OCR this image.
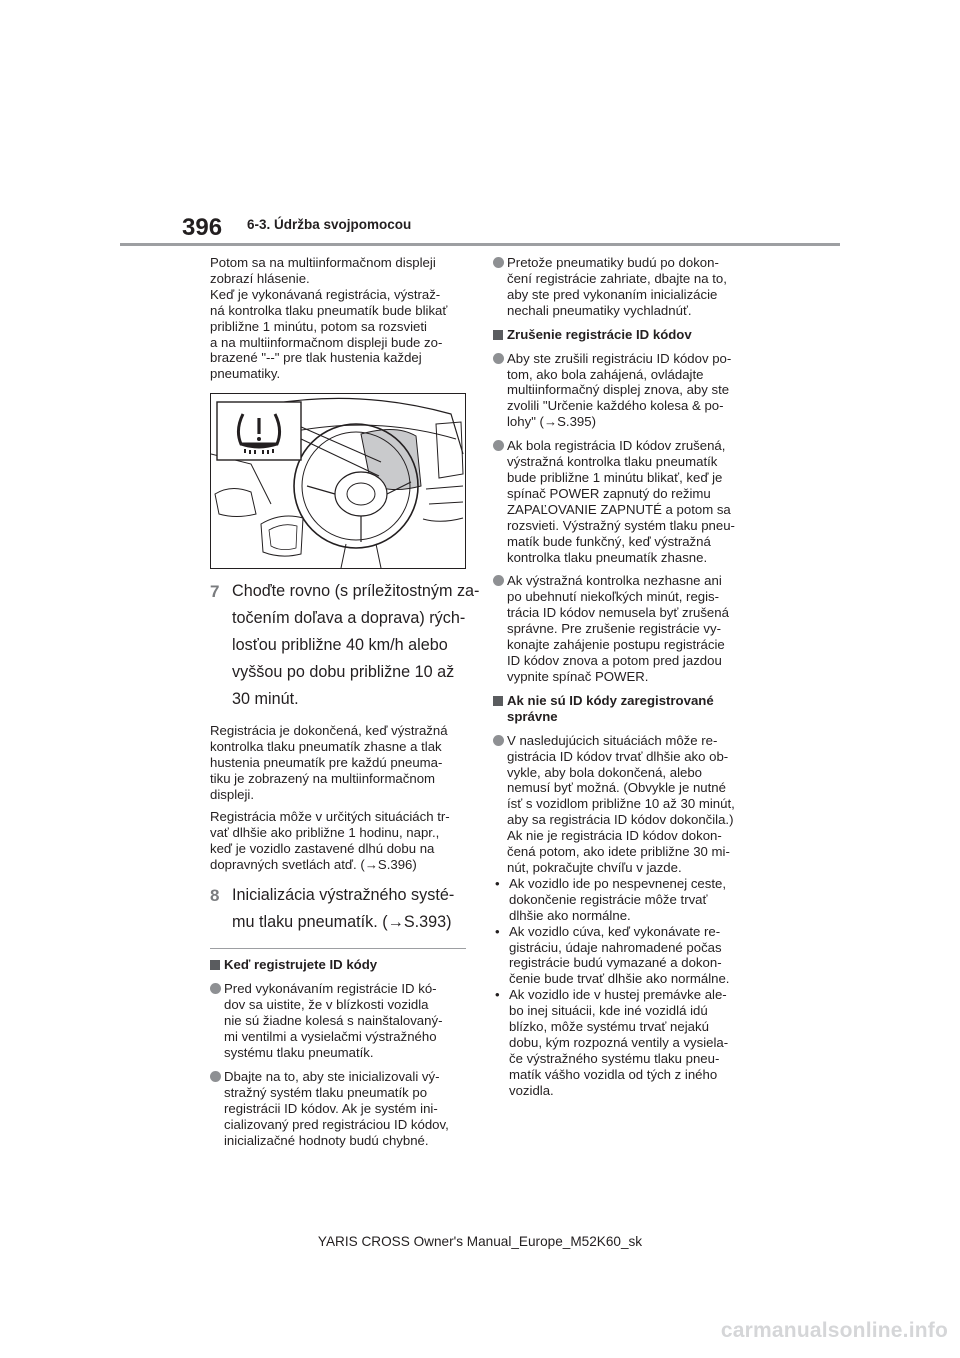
396 6-3. Údržba svojpomocou
Potom sa na multiinformačnom displeji
zobrazí hlásenie.
Keď je vykonávaná registrácia, výstraž-
ná kontrolka tlaku pneumatík bude blikať
približne 1 minútu, potom sa rozsvieti
a na multiinformačnom displeji bude zo-
brazené "--" pre tlak hustenia každej
pneumatiky.
7 Choďte rovno (s príležitostným za-
točením doľava a doprava) rých-
losťou približne 40 km/h alebo
vyššou po dobu približne 10 až
30 minút.
Registrácia je dokončená, keď výstražná
kontrolka tlaku pneumatík zhasne a tlak
hustenia pneumatík pre každú pneuma-
tiku je zobrazený na multiinformačnom
displeji.
Registrácia môže v určitých situáciách tr-
vať dlhšie ako približne 1 hodinu, napr.,
keď je vozidlo zastavené dlhú dobu na
dopravných svetlách atď. (→S.396)
8 Inicializácia výstražného systé-
mu tlaku pneumatík. (→S.393)
Keď registrujete ID kódy
Pred vykonávaním registrácie ID kó-
dov sa uistite, že v blízkosti vozidla
nie sú žiadne kolesá s nainštalovaný-
mi ventilmi a vysielačmi výstražného
systému tlaku pneumatík.
Dbajte na to, aby ste inicializovali vý-
stražný systém tlaku pneumatík po
registrácii ID kódov. Ak je systém ini-
cializovaný pred registráciou ID kódov,
inicializačné hodnoty budú chybné.
Pretože pneumatiky budú po dokon-
čení registrácie zahriate, dbajte na to,
aby ste pred vykonaním inicializácie
nechali pneumatiky vychladnúť.
Zrušenie registrácie ID kódov
Aby ste zrušili registráciu ID kódov po-
tom, ako bola zahájená, ovládajte
multiinformačný displej znova, aby ste
zvolili "Určenie každého kolesa & po-
lohy" (→S.395)
Ak bola registrácia ID kódov zrušená,
výstražná kontrolka tlaku pneumatík
bude približne 1 minútu blikať, keď je
spínač POWER zapnutý do režimu
ZAPAĽOVANIE ZAPNUTÉ a potom sa
rozsvieti. Výstražný systém tlaku pneu-
matík bude funkčný, keď výstražná
kontrolka tlaku pneumatík zhasne.
Ak výstražná kontrolka nezhasne ani
po ubehnutí niekoľkých minút, regis-
trácia ID kódov nemusela byť zrušená
správne. Pre zrušenie registrácie vy-
konajte zahájenie postupu registrácie
ID kódov znova a potom pred jazdou
vypnite spínač POWER.
Ak nie sú ID kódy zaregistrované
správne
V nasledujúcich situáciách môže re-
gistrácia ID kódov trvať dlhšie ako ob-
vykle, aby bola dokončená, alebo
nemusí byť možná. (Obvykle je nutné
ísť s vozidlom približne 10 až 30 minút,
aby sa registrácia ID kódov dokončila.)
Ak nie je registrácia ID kódov dokon-
čená potom, ako idete približne 30 mi-
nút, pokračujte chvíľu v jazde.
• Ak vozidlo ide po nespevnenej ceste,
dokončenie registrácie môže trvať
dlhšie ako normálne.
• Ak vozidlo cúva, keď vykonávate re-
gistráciu, údaje nahromadené počas
registrácie budú vymazané a dokon-
čenie bude trvať dlhšie ako normálne.
• Ak vozidlo ide v hustej premávke ale-
bo inej situácii, kde iné vozidlá idú
blízko, môže systému trvať nejakú
dobu, kým rozpozná ventily a vysiela-
če výstražného systému tlaku pneu-
matík vášho vozidla od tých z iného
vozidla.
YARIS CROSS Owner's Manual_Europe_M52K60_sk
carmanualsonline.info
